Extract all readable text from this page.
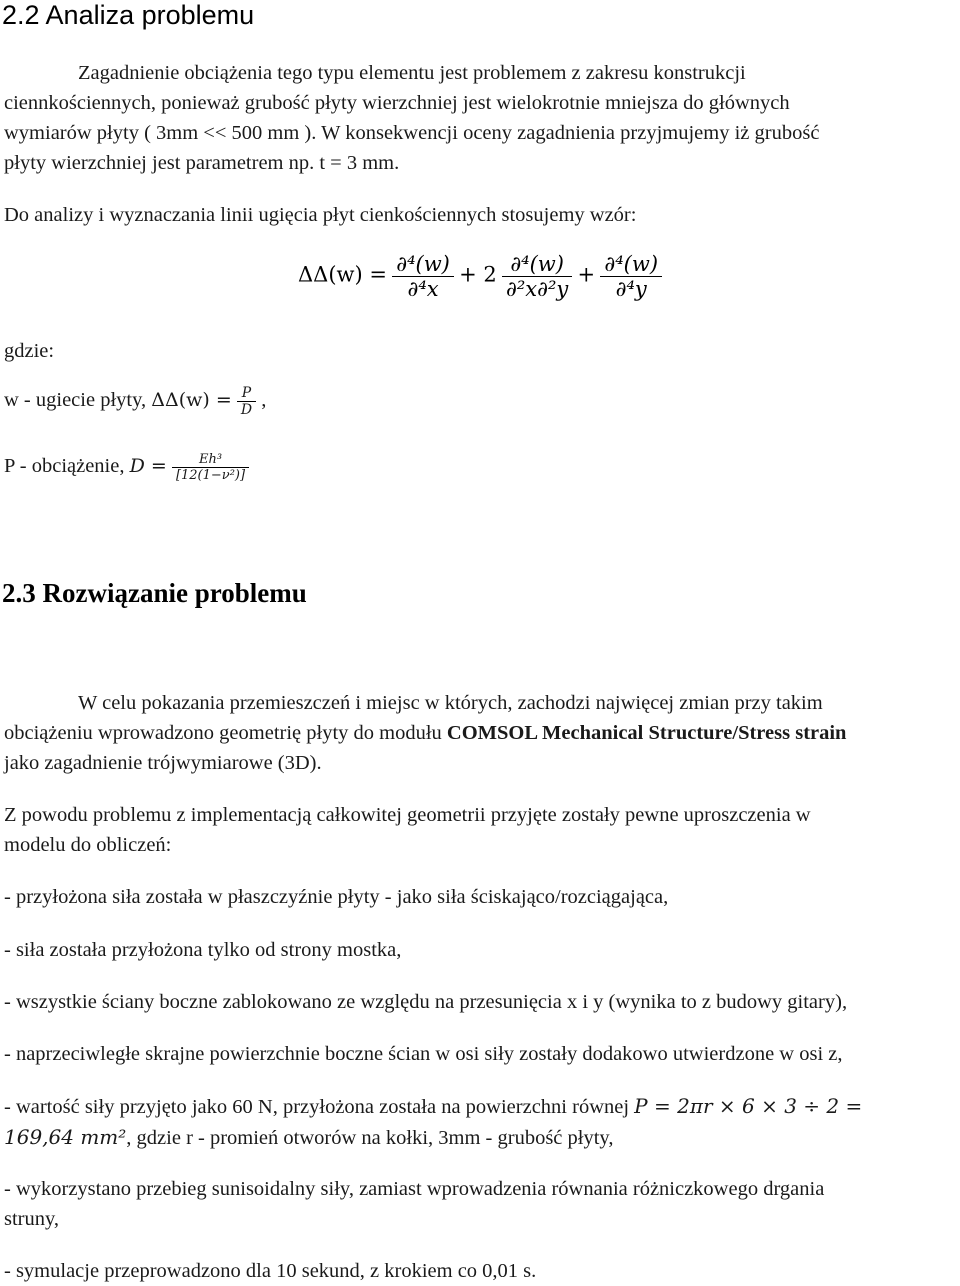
2.2 Analiza problemu
Zagadnienie obciążenia tego typu elementu jest problemem z zakresu konstrukcji
ciennkościennych, ponieważ grubość płyty wierzchniej jest wielokrotnie mniejsza do głównych
wymiarów płyty ( 3mm << 500 mm ). W konsekwencji oceny zagadnienia przyjmujemy iż grubość
płyty wierzchniej jest parametrem np. t = 3 mm.
Do analizy i wyznaczania linii ugięcia płyt cienkościennych stosujemy wzór:
$\Delta\Delta(w) = \frac{\text{∂⁴(w)}}{\text{∂⁴x}} + 2 \frac{\text{∂⁴(w)}}{\text{∂²x∂²y}} + \frac{\text{∂⁴(w)}}{\text{∂⁴y}}$
gdzie:
w - ugiecie płyty, $\Delta\Delta(w) = \frac{P}{D}$ ,
P - obciążenie, $D = \frac{\text{Eh³}}{\text{[12(1−ν²)]}}$
2.3 Rozwiązanie problemu
W celu pokazania przemieszczeń i miejsc w których, zachodzi najwięcej zmian przy takim
obciążeniu wprowadzono geometrię płyty do modułu COMSOL Mechanical Structure/Stress strain
jako zagadnienie trójwymiarowe (3D).
Z powodu problemu z implementacją całkowitej geometrii przyjęte zostały pewne uproszczenia w
modelu do obliczeń:
- przyłożona siła została w płaszczyźnie płyty - jako siła ściskająco/rozciągająca,
- siła została przyłożona tylko od strony mostka,
- wszystkie ściany boczne zablokowano ze względu na przesunięcia x i y (wynika to z budowy gitary),
- naprzeciwległe skrajne powierzchnie boczne ścian w osi siły zostały dodakowo utwierdzone w osi z,
- wartość siły przyjęto jako 60 N, przyłożona została na powierzchni równej P = 2πr × 6 × 3 ÷ 2 =
169,64 mm², gdzie r - promień otworów na kołki, 3mm - grubość płyty,
- wykorzystano przebieg sunisoidalny siły, zamiast wprowadzenia równania różniczkowego drgania
struny,
- symulacje przeprowadzono dla 10 sekund, z krokiem co 0,01 s.
